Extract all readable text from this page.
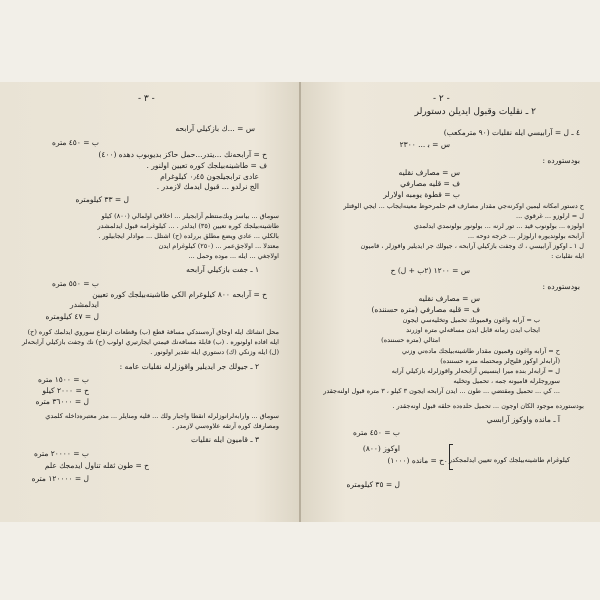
- ٣ -
س = ...ك بازكيلي آرابحه
ب = ٤٥٠ متره
ح = آرابحه‌نك ...يتدر...حمل حاكز بديوبوب دهده (٤٠٠)
ف = طاشينه‌بيلجك كوره تعيين اولنور .
عادى ترابجيلجون ٠٫٤٥ كيلوغرام
الج نرلدو ... قبول ايدمك لازمدر .
ل = ٣٣ كيلومتره
سوماق ... بياسز وبك‌منتظم آرابجيلر ... اخلاقي اولمالي (٨٠٠) كيلو
طاشينه‌بيلجك كوره تعيين (٣٥) ايدلدر . ... كيلوغرامه قبول ايدلمشدر
بالكلي ... عادي ويضع مطلق بررلده (ح) اشتلل ... موادلر ايجابيلور .
معتدلا ... اولاجق‌عمر ... (٢٥٠) كيلوغرام ايدن
اولاجغي ... ايله ... موده وحمل ...
١ ـ جفت بازكيلي آرابحه
ب = ٥٥٠ متره
ح = آرابحه ٨٠٠ كيلوغرام الكي طاشينه‌بيلجك كوره تعيين
ايدلمشدر
ل = ٤٧ كيلومتره
محل انشائك ايله اوجاق آره‌سندكي مسافة قطع (ب) وقطعات ارتفاع سوروي ايدلمك كوره (ح)
ايله افاده اولونوره . (ب) قابلة مسافه‌نك قيمتي ايجارتيري اولوب (ح) نك وجفت بازكيلي آرابحه‌لر
(ل) ايله وزنكي (ك) دستوري ايله تقدير اولونور .
٢ ـ جيولك جر ايديلير واقوزلرله نقليات عامه :
ب = ١٥٠٠ متره
ح = ٢٠٠٠ كيلو
ل = ٣٦٠٠٠ متره
سوماق ... وارابه‌لرانوزلرله انقطا واجبار ولك ... قليه ومنايلر ... مدر معتبره‌داخله كلمدي
ومصارفك كوره آرتقه علاوه‌سي لازمدر .
٣ ـ قاميون ايله نقليات
ب = ٢٠٠٠٠ متره
ح = طون ثقله تناول ايدمجك علم
ل = ١٢٠٠٠٠ متره
- ٢ -
٢ ـ نقليات وقبول ايديلن دستورلر
٤ ـ ل = آرابيسي ايله نقليات (٩٠ مترمكعب)
س = ب‍ ... ٢٣٠٠
بودستورده :
س = مصارف نقليه
ف = قليه مصارفي
ب = قطوة يومبه اولارلر
ح دستور امكانه ليمين اوكرنه‌جي مقدار مصارف قم حلمرحوظ معينه‌ايجاب ... ايجي الوقتلر
ل = ارلوزو ... غرقوي ...
اولوزه ... بولونوب قيد ... تور لرنه ... بولونور بولونمدي ايدلمدي
آرابحه بولونديوره ارلوزلر ... خرجه دوحه ...
ل ١ ـ اوكوز آرابيسي ، ك وجفت بازكيلي آرابحه ، جيولك جر ايديلير واقوزلر ، قاميون
ايله نقليات :
س = ١٢٠٠ (٢ب + ل) ح
بودستورده :
س = مصارف نقليه
ف = قليه مصارفي (متره حسننده)
ب = آرابه واغون وقميونك تحميل وتخليه‌سي ايجون
ايجاب ايدن زمانه قابل ايدن مسافه‌لي متره اوزرند
امثالي (متره حسننده)
ح = آرابه واغون وقميون مقدار طاشينه‌بيلجك ماده‌ني وزني
(آرابه‌لر اوكوز فليح‌لر ومحتمله متره حسننده)
ل = آرابه‌لر بنده ميرا اينسيس آرابحه‌لر واقوزلرله بازكيلي آرابه
سوروجلرله قاميونه جمه ، تحميل وتخليه
... كي ... تحميل ومقتضي ... طون ... ايدن آرابحه ايجون ٣ كيلو ، ٣ متره قبول اولنه‌جقدر
بودستورده موجود الكان اوجون ... تحميل حلده‌ده حلقه قبول اونه‌جقدر .
آ ـ مانده واوكوز آرابسي
ب = ٤٥٠ متره
اوكوز (٨٠٠)
ح = مانده (١٠٠٠) كيلوغرام طاشينه‌بيلجك كوره تعيين ايدلمجكدر .
ل = ٣٥ كيلومتره
